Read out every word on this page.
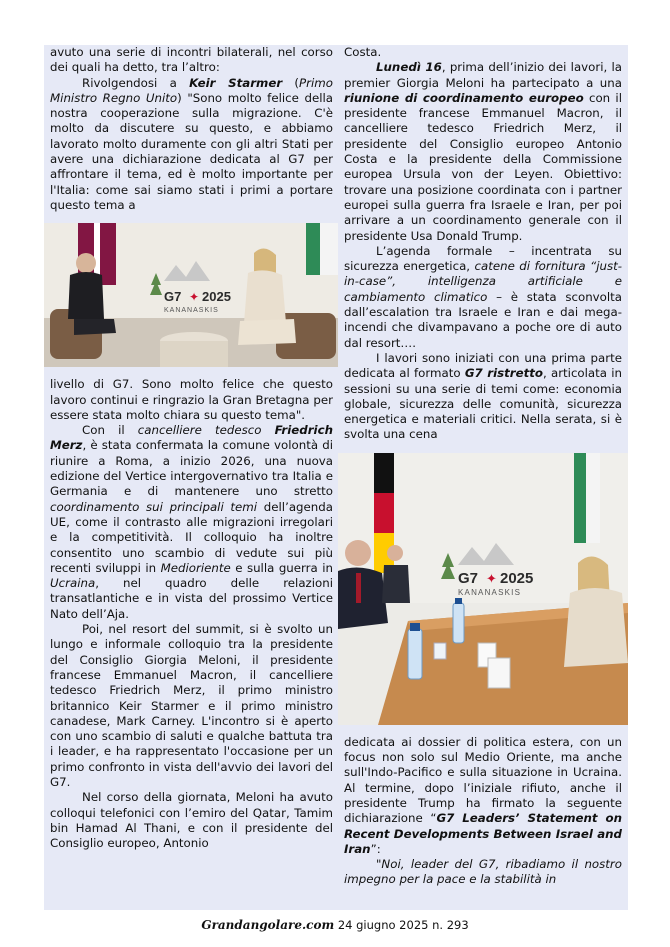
avuto una serie di incontri bilaterali, nel corso dei quali ha detto, tra l’altro:

Rivolgendosi a Keir Starmer (Primo Ministro Regno Unito) "Sono molto felice della nostra cooperazione sulla migrazione. C'è molto da discutere su questo, e abbiamo lavorato molto duramente con gli altri Stati per avere una dichiarazione dedicata al G7 per affrontare il tema, ed è molto importante per l'Italia: come sai siamo stati i primi a portare questo tema a

G7 ✦ 2025
KANANASKIS

livello di G7. Sono molto felice che questo lavoro continui e ringrazio la Gran Bretagna per essere stata molto chiara su questo tema".

Con il cancelliere tedesco Friedrich Merz, è stata confermata la comune volontà di riunire a Roma, a inizio 2026, una nuova edizione del Vertice intergovernativo tra Italia e Germania e di mantenere uno stretto coordinamento sui principali temi dell’agenda UE, come il contrasto alle migrazioni irregolari e la competitività. Il colloquio ha inoltre consentito uno scambio di vedute sui più recenti sviluppi in Medioriente e sulla guerra in Ucraina, nel quadro delle relazioni transatlantiche e in vista del prossimo Vertice Nato dell’Aja.

Poi, nel resort del summit, si è svolto un lungo e informale colloquio tra la presidente del Consiglio Giorgia Meloni, il presidente francese Emmanuel Macron, il cancelliere tedesco Friedrich Merz, il primo ministro britannico Keir Starmer e il primo ministro canadese, Mark Carney. L'incontro si è aperto con uno scambio di saluti e qualche battuta tra i leader, e ha rappresentato l'occasione per un primo confronto in vista dell'avvio dei lavori del G7.

Nel corso della giornata, Meloni ha avuto colloqui telefonici con l’emiro del Qatar, Tamim bin Hamad Al Thani, e con il presidente del Consiglio europeo, Antonio

Costa.

Lunedì 16, prima dell’inizio dei lavori, la premier Giorgia Meloni ha partecipato a una riunione di coordinamento europeo con il presidente francese Emmanuel Macron, il cancelliere tedesco Friedrich Merz, il presidente del Consiglio europeo Antonio Costa e la presidente della Commissione europea Ursula von der Leyen. Obiettivo: trovare una posizione coordinata con i partner europei sulla guerra fra Israele e Iran, per poi arrivare a un coordinamento generale con il presidente Usa Donald Trump.

L’agenda formale – incentrata su sicurezza energetica, catene di fornitura “just-in-case”, intelligenza artificiale e cambiamento climatico – è stata sconvolta dall’escalation tra Israele e Iran e dai mega-incendi che divampavano a poche ore di auto dal resort….

I lavori sono iniziati con una prima parte dedicata al formato G7 ristretto, articolata in sessioni su una serie di temi come: economia globale, sicurezza delle comunità, sicurezza energetica e materiali critici. Nella serata, si è svolta una cena

G7 ✦ 2025
KANANASKIS

dedicata ai dossier di politica estera, con un focus non solo sul Medio Oriente, ma anche sull'Indo-Pacifico e sulla situazione in Ucraina. Al termine, dopo l’iniziale rifiuto, anche il presidente Trump ha firmato la seguente dichiarazione “G7 Leaders’ Statement on Recent Developments Between Israel and Iran”:

"Noi, leader del G7, ribadiamo il nostro impegno per la pace e la stabilità in

Grandangolare.com 24 giugno 2025 n. 293
